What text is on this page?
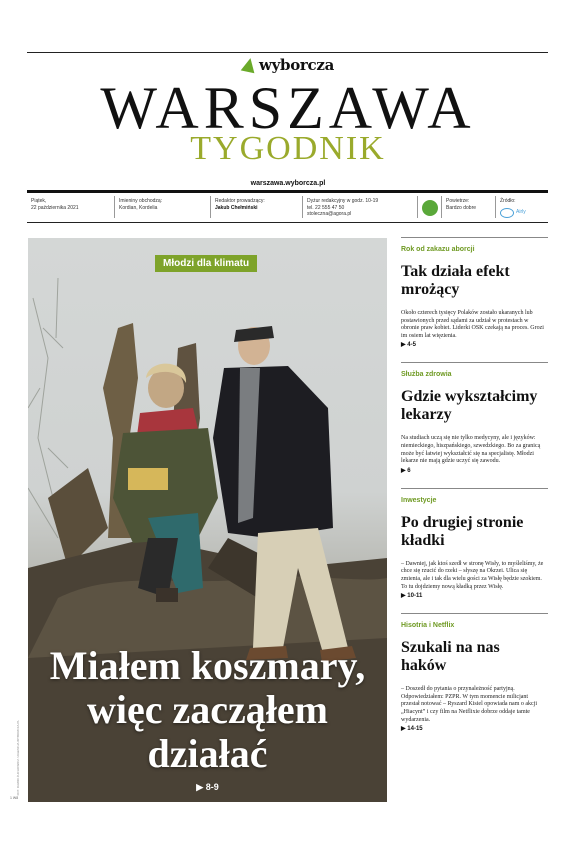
wyborcza
WARSZAWA
TYGODNIK
warszawa.wyborcza.pl
Piątek,
22 października 2021
Imieniny obchodzą:
Kordian, Kordelia
Redaktor prowadzący:
Jakub Chełmiński
Dyżur redakcyjny w godz. 10-19
tel. 22 555 47 50
stoleczna@agora.pl
Powietrze:
Bardzo dobre
Źródło:
Airly
Młodzi dla klimatu
Miałem koszmary,
więc zacząłem
działać
▶ 8-9
FOT. DAWID ŻUCHOWICZ / AGENCJA WYBORCZA.PL
1 W8
Rok od zakazu aborcji
Tak działa efekt mrożący
Około czterech tysięcy Polaków zostało ukaranych lub postawionych przed sądami za udział w protestach w obronie praw kobiet. Liderki OSK czekają na proces. Grozi im osiem lat więzienia.
▶ 4-5
Służba zdrowia
Gdzie wykształcimy lekarzy
Na studiach uczą się nie tylko medycyny, ale i języków: niemieckiego, hiszpańskiego, szwedzkiego. Bo za granicą może być łatwiej wykształcić się na specjalistę. Młodzi lekarze nie mają gdzie uczyć się zawodu.
▶ 6
Inwestycje
Po drugiej stronie kładki
– Dawniej, jak ktoś szedł w stronę Wisły, to myśleliśmy, że chce się rzucić do rzeki – słyszę na Okrzei. Ulica się zmienia, ale i tak dla wielu gości za Wisłę będzie szokiem. To tu dojdziemy nową kładką przez Wisłę.
▶ 10-11
Hisotria i Netflix
Szukali na nas haków
– Doszedł do pytania o przynależność partyjną. Odpowiedziałem: PZPR. W tym momencie milicjant przestał notować – Ryszard Kisiel opowiada nam o akcji „Hiacynt” i czy film na Netflixie dobrze oddaje tamte wydarzenia.
▶ 14-15
